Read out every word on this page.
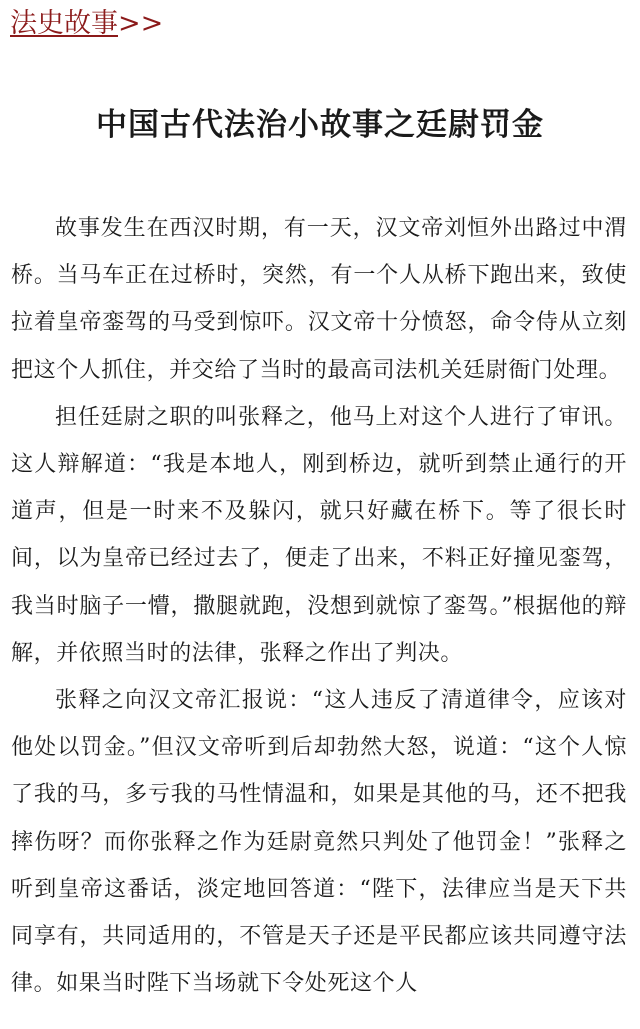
法史故事>>
中国古代法治小故事之廷尉罚金

故事发生在西汉时期，有一天，汉文帝刘恒外出路过中渭桥。当马车正在过桥时，突然，有一个人从桥下跑出来，致使拉着皇帝銮驾的马受到惊吓。汉文帝十分愤怒，命令侍从立刻把这个人抓住，并交给了当时的最高司法机关廷尉衙门处理。

担任廷尉之职的叫张释之，他马上对这个人进行了审讯。这人辩解道：“我是本地人，刚到桥边，就听到禁止通行的开道声，但是一时来不及躲闪，就只好藏在桥下。等了很长时间，以为皇帝已经过去了，便走了出来，不料正好撞见銮驾，我当时脑子一懵，撒腿就跑，没想到就惊了銮驾。”根据他的辩解，并依照当时的法律，张释之作出了判决。

张释之向汉文帝汇报说：“这人违反了清道律令，应该对他处以罚金。”但汉文帝听到后却勃然大怒，说道：“这个人惊了我的马，多亏我的马性情温和，如果是其他的马，还不把我摔伤呀？而你张释之作为廷尉竟然只判处了他罚金！”张释之听到皇帝这番话，淡定地回答道：“陛下，法律应当是天下共同享有，共同适用的，不管是天子还是平民都应该共同遵守法律。如果当时陛下当场就下令处死这个人
